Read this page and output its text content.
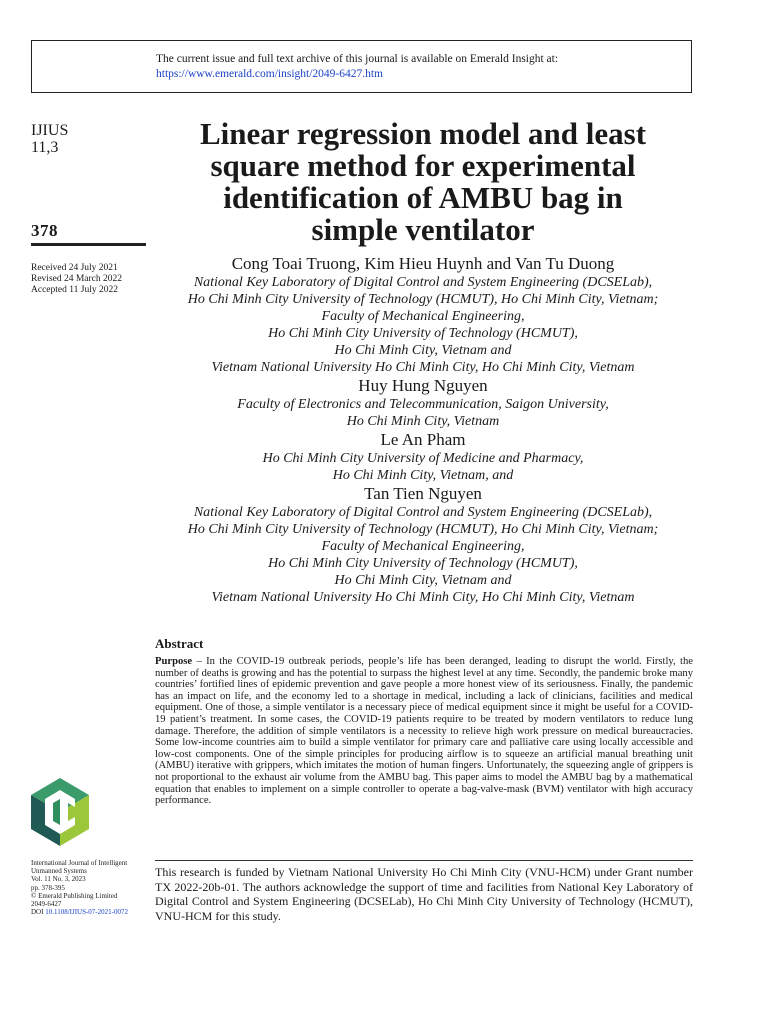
The current issue and full text archive of this journal is available on Emerald Insight at:
https://www.emerald.com/insight/2049-6427.htm
IJIUS
11,3
378
Received 24 July 2021
Revised 24 March 2022
Accepted 11 July 2022
Linear regression model and least
square method for experimental
identification of AMBU bag in
simple ventilator
Cong Toai Truong, Kim Hieu Huynh and Van Tu Duong
National Key Laboratory of Digital Control and System Engineering (DCSELab),
Ho Chi Minh City University of Technology (HCMUT), Ho Chi Minh City, Vietnam;
Faculty of Mechanical Engineering,
Ho Chi Minh City University of Technology (HCMUT),
Ho Chi Minh City, Vietnam and
Vietnam National University Ho Chi Minh City, Ho Chi Minh City, Vietnam
Huy Hung Nguyen
Faculty of Electronics and Telecommunication, Saigon University,
Ho Chi Minh City, Vietnam
Le An Pham
Ho Chi Minh City University of Medicine and Pharmacy,
Ho Chi Minh City, Vietnam, and
Tan Tien Nguyen
National Key Laboratory of Digital Control and System Engineering (DCSELab),
Ho Chi Minh City University of Technology (HCMUT), Ho Chi Minh City, Vietnam;
Faculty of Mechanical Engineering,
Ho Chi Minh City University of Technology (HCMUT),
Ho Chi Minh City, Vietnam and
Vietnam National University Ho Chi Minh City, Ho Chi Minh City, Vietnam
Abstract
Purpose – In the COVID-19 outbreak periods, people’s life has been deranged, leading to disrupt the world. Firstly, the number of deaths is growing and has the potential to surpass the highest level at any time. Secondly, the pandemic broke many countries’ fortified lines of epidemic prevention and gave people a more honest view of its seriousness. Finally, the pandemic has an impact on life, and the economy led to a shortage in medical, including a lack of clinicians, facilities and medical equipment. One of those, a simple ventilator is a necessary piece of medical equipment since it might be useful for a COVID-19 patient’s treatment. In some cases, the COVID-19 patients require to be treated by modern ventilators to reduce lung damage. Therefore, the addition of simple ventilators is a necessity to relieve high work pressure on medical bureaucracies. Some low-income countries aim to build a simple ventilator for primary care and palliative care using locally accessible and low-cost components. One of the simple principles for producing airflow is to squeeze an artificial manual breathing unit (AMBU) iterative with grippers, which imitates the motion of human fingers. Unfortunately, the squeezing angle of grippers is not proportional to the exhaust air volume from the AMBU bag. This paper aims to model the AMBU bag by a mathematical equation that enables to implement on a simple controller to operate a bag-valve-mask (BVM) ventilator with high accuracy performance.
International Journal of Intelligent
Unmanned Systems
Vol. 11 No. 3, 2023
pp. 378-395
© Emerald Publishing Limited
2049-6427
DOI 10.1108/IJIUS-07-2021-0072
This research is funded by Vietnam National University Ho Chi Minh City (VNU-HCM) under Grant number TX 2022-20b-01. The authors acknowledge the support of time and facilities from National Key Laboratory of Digital Control and System Engineering (DCSELab), Ho Chi Minh City University of Technology (HCMUT), VNU-HCM for this study.
